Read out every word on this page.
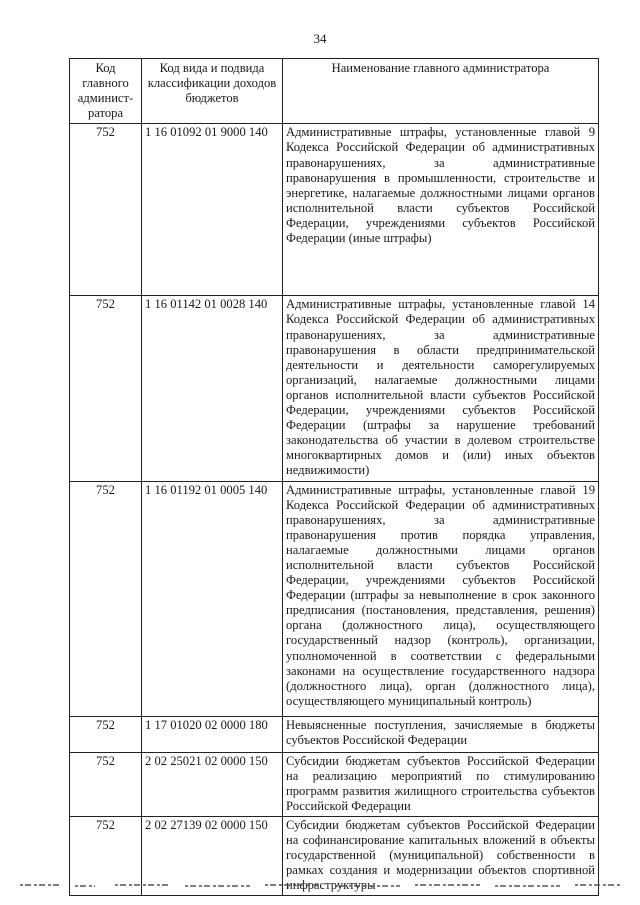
34
Код главного админист-ратора	Код вида и подвида классификации доходов бюджетов	Наименование главного администратора
752	1 16 01092 01 9000 140	Административные штрафы, установленные главой 9 Кодекса Российской Федерации об административных правонарушениях, за административные правонарушения в промышленности, строительстве и энергетике, налагаемые должностными лицами органов исполнительной власти субъектов Российской Федерации, учреждениями субъектов Российской Федерации (иные штрафы)
752	1 16 01142 01 0028 140	Административные штрафы, установленные главой 14 Кодекса Российской Федерации об административных правонарушениях, за административные правонарушения в области предпринимательской деятельности и деятельности саморегулируемых организаций, налагаемые должностными лицами органов исполнительной власти субъектов Российской Федерации, учреждениями субъектов Российской Федерации (штрафы за нарушение требований законодательства об участии в долевом строительстве многоквартирных домов и (или) иных объектов недвижимости)
752	1 16 01192 01 0005 140	Административные штрафы, установленные главой 19 Кодекса Российской Федерации об административных правонарушениях, за административные правонарушения против порядка управления, налагаемые должностными лицами органов исполнительной власти субъектов Российской Федерации, учреждениями субъектов Российской Федерации (штрафы за невыполнение в срок законного предписания (постановления, представления, решения) органа (должностного лица), осуществляющего государственный надзор (контроль), организации, уполномоченной в соответствии с федеральными законами на осуществление государственного надзора (должностного лица), орган (должностного лица), осуществляющего муниципальный контроль)
752	1 17 01020 02 0000 180	Невыясненные поступления, зачисляемые в бюджеты субъектов Российской Федерации
752	2 02 25021 02 0000 150	Субсидии бюджетам субъектов Российской Федерации на реализацию мероприятий по стимулированию программ развития жилищного строительства субъектов Российской Федерации
752	2 02 27139 02 0000 150	Субсидии бюджетам субъектов Российской Федерации на софинансирование капитальных вложений в объекты государственной (муниципальной) собственности в рамках создания и модернизации объектов спортивной инфраструктуры
